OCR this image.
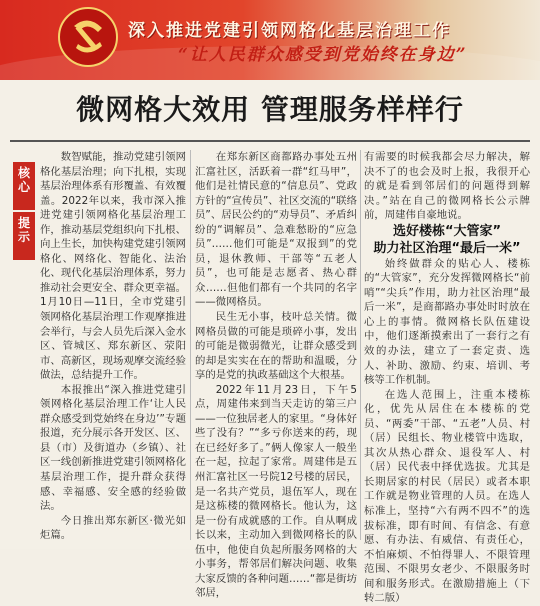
深入推进党建引领网格化基层治理工作
“让人民群众感受到党始终在身边”
微网格大效用 管理服务样样行
核
心
提
示

数智赋能，推动党建引领网格化基层治理；向下扎根，实现基层治理体系有形覆盖、有效覆盖。2022年以来，我市深入推进党建引领网格化基层治理工作，推动基层党组织向下扎根、向上生长，加快构建党建引领网格化、网络化、智能化、法治化、现代化基层治理体系，努力推动社会更安全、群众更幸福。1月10日—11日，全市党建引领网格化基层治理工作观摩推进会举行，与会人员先后深入金水区、管城区、郑东新区、荥阳市、高新区，现场观摩交流经验做法，总结提升工作。

本报推出“深入推进党建引领网格化基层治理工作‘让人民群众感受到党始终在身边’”专题报道，充分展示各开发区、区、县（市）及街道办（乡镇）、社区一线创新推进党建引领网格化基层治理工作，提升群众获得感、幸福感、安全感的经验做法。

今日推出郑东新区·微光如炬篇。

在郑东新区商都路办事处五州汇富社区，活跃着一群“红马甲”，他们是社情民意的“信息员”、党政方针的“宣传员”、社区交流的“联络员”、居民公约的“劝导员”、矛盾纠纷的“调解员”、急难愁盼的“应急员”……他们可能是“双报到”的党员，退休教师、干部等“五老人员”，也可能是志愿者、热心群众……但他们都有一个共同的名字——微网格员。

民生无小事，枝叶总关情。微网格员做的可能是琐碎小事，发出的可能是微弱微光，让群众感受到的却是实实在在的帮助和温暖，分享的是党的执政基础这个大根基。

2022年11月23日，下午5点，周建伟来到当天走访的第三户——一位独居老人的家里。“身体好些了没有？”“多亏你送来的药，现在已经好多了。”俩人像家人一般坐在一起，拉起了家常。周建伟是五州汇富社区一号院12号楼的居民，是一名共产党员，退伍军人，现在是这栋楼的微网格长。他认为，这是一份有成就感的工作。自从啊成长以来，主动加入到微网格长的队伍中，他使自负起所服务网格的大小事务，帮邻居们解决问题、收集大家反馈的各种问题……“都是街坊邻居，

有需要的时候我都会尽力解决，解决不了的也会及时上报，我很开心的就是看到邻居们的问题得到解决。”站在自己的微网格长公示牌前，周建伟自豪地说。

选好楼栋“大管家”
助力社区治理“最后一米”

始终做群众的贴心人、楼栋的“大管家”，充分发挥微网格长“前哨”“尖兵”作用，助力社区治理“最后一米”，是商都路办事处时时放在心上的事情。微网格长队伍建设中，他们逐渐摸索出了一套行之有效的办法，建立了一套定责、选人、补助、激励、约束、培训、考核等工作机制。

在选人范围上，注重本楼栋化，优先从居住在本楼栋的党员、“两委”干部、“五老”人员、村（居）民组长、物业楼管中选取，其次从热心群众、退役军人、村（居）民代表中择优选拔。尤其是长期居家的村民（居民）或者本职工作就是物业管理的人员。在选人标准上，坚持“六有两不四不”的选拔标准，即有时间、有信念、有意愿、有办法、有威信、有责任心，不怕麻烦、不怕得罪人、不限管理范围、不限男女老少、不限服务时间和服务形式。在激励措施上（下转二版）
